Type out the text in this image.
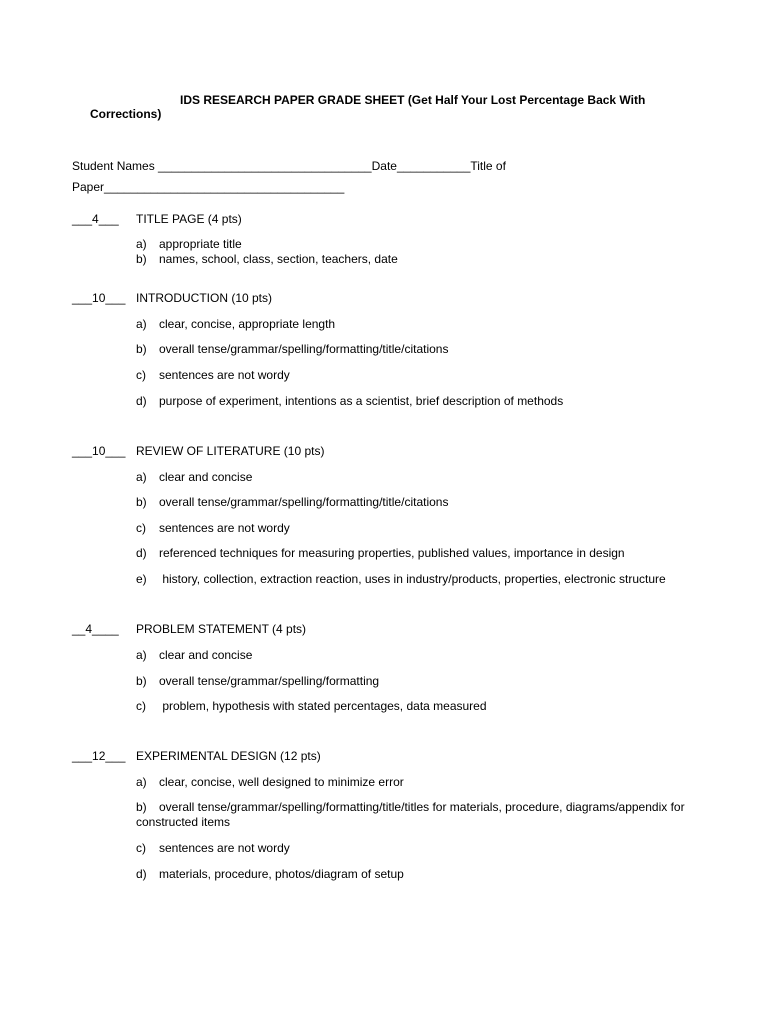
IDS RESEARCH PAPER GRADE SHEET (Get Half Your Lost Percentage Back With
Corrections)
Student Names ________________________________Date___________Title of
Paper____________________________________
___4___ TITLE PAGE (4 pts)
a) appropriate title
b) names, school, class, section, teachers, date
___10___ INTRODUCTION (10 pts)
a) clear, concise, appropriate length
b) overall tense/grammar/spelling/formatting/title/citations
c) sentences are not wordy
d) purpose of experiment, intentions as a scientist, brief description of methods
___10___ REVIEW OF LITERATURE (10 pts)
a) clear and concise
b) overall tense/grammar/spelling/formatting/title/citations
c) sentences are not wordy
d) referenced techniques for measuring properties, published values, importance in design
e) history, collection, extraction reaction, uses in industry/products, properties, electronic structure
__4____ PROBLEM STATEMENT (4 pts)
a) clear and concise
b) overall tense/grammar/spelling/formatting
c) problem, hypothesis with stated percentages, data measured
___12___ EXPERIMENTAL DESIGN (12 pts)
a) clear, concise, well designed to minimize error
b) overall tense/grammar/spelling/formatting/title/titles for materials, procedure, diagrams/appendix for constructed items
c) sentences are not wordy
d) materials, procedure, photos/diagram of setup
